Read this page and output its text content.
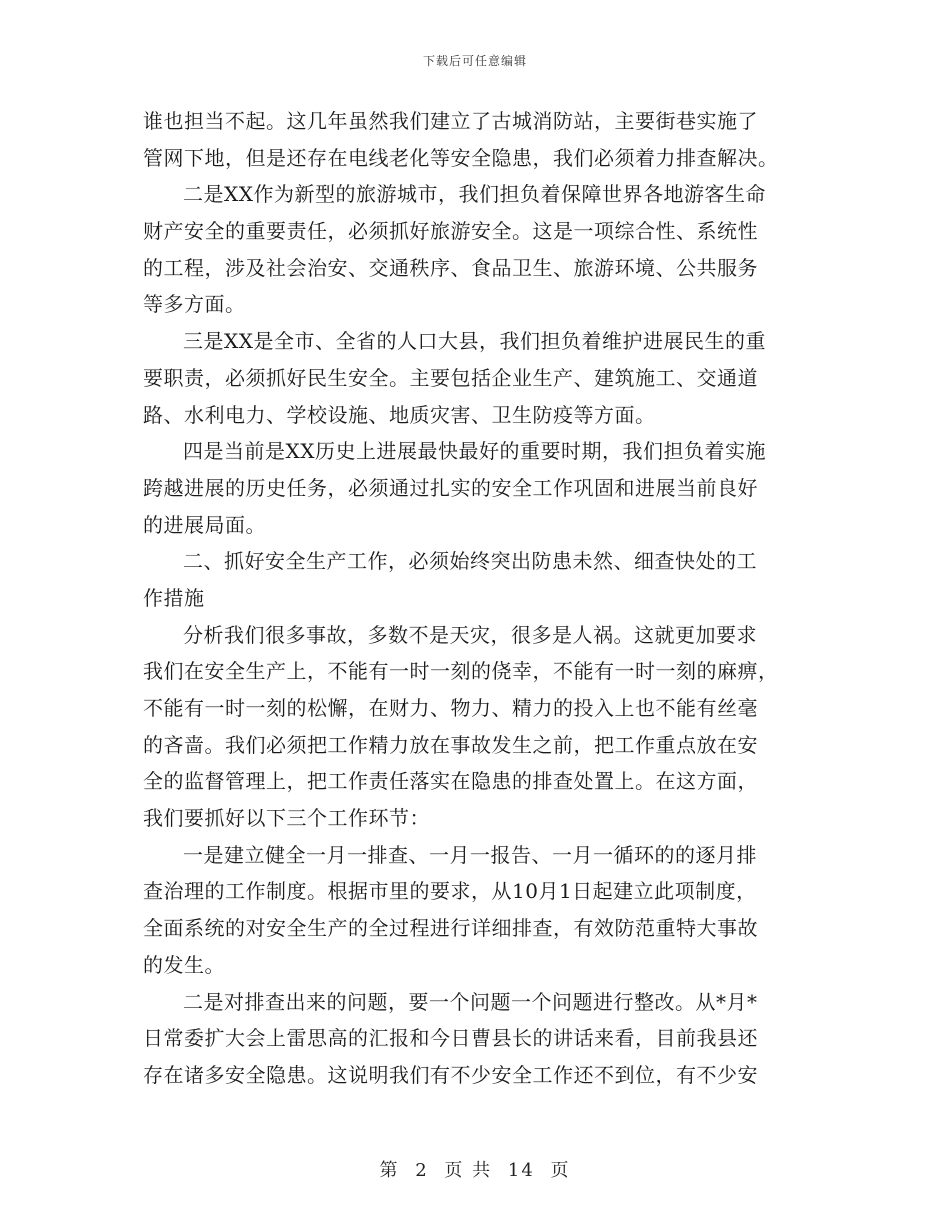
下载后可任意编辑
谁也担当不起。这几年虽然我们建立了古城消防站，主要街巷实施了
管网下地，但是还存在电线老化等安全隐患，我们必须着力排查解决。
二是XX作为新型的旅游城市，我们担负着保障世界各地游客生命
财产安全的重要责任，必须抓好旅游安全。这是一项综合性、系统性
的工程，涉及社会治安、交通秩序、食品卫生、旅游环境、公共服务
等多方面。
三是XX是全市、全省的人口大县，我们担负着维护进展民生的重
要职责，必须抓好民生安全。主要包括企业生产、建筑施工、交通道
路、水利电力、学校设施、地质灾害、卫生防疫等方面。
四是当前是XX历史上进展最快最好的重要时期，我们担负着实施
跨越进展的历史任务，必须通过扎实的安全工作巩固和进展当前良好
的进展局面。
二、抓好安全生产工作，必须始终突出防患未然、细查快处的工
作措施
分析我们很多事故，多数不是天灾，很多是人祸。这就更加要求
我们在安全生产上，不能有一时一刻的侥幸，不能有一时一刻的麻痹，
不能有一时一刻的松懈，在财力、物力、精力的投入上也不能有丝毫
的吝啬。我们必须把工作精力放在事故发生之前，把工作重点放在安
全的监督管理上，把工作责任落实在隐患的排查处置上。在这方面，
我们要抓好以下三个工作环节：
一是建立健全一月一排查、一月一报告、一月一循环的的逐月排
查治理的工作制度。根据市里的要求，从10月1日起建立此项制度，
全面系统的对安全生产的全过程进行详细排查，有效防范重特大事故
的发生。
二是对排查出来的问题，要一个问题一个问题进行整改。从*月*
日常委扩大会上雷思高的汇报和今日曹县长的讲话来看，目前我县还
存在诸多安全隐患。这说明我们有不少安全工作还不到位，有不少安
第 2 页 共 14 页
